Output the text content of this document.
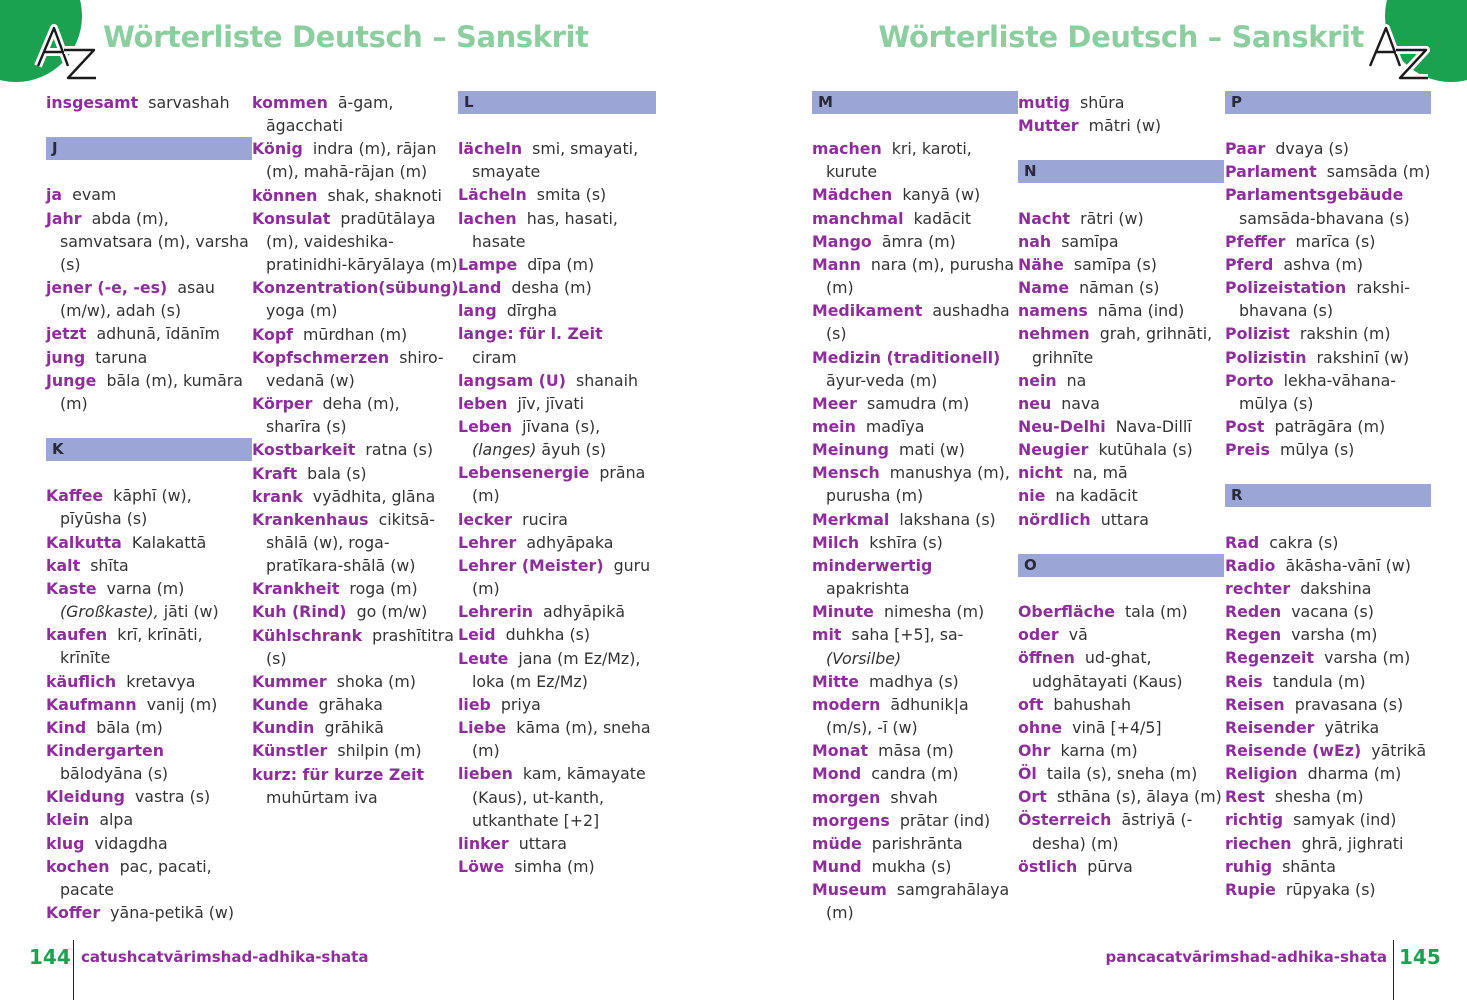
Wörterliste Deutsch – Sanskrit	Wörterliste Deutsch – Sanskrit
insgesamt sarvashah
J
ja evam
Jahr abda (m), samvatsara (m), varsha (s)
jener (-e, -es) asau (m/w), adah (s)
jetzt adhunā, īdānīm
jung taruna
Junge bāla (m), kumāra (m)
K
Kaffee kāphī (w), pīyūsha (s)
Kalkutta Kalakattā
kalt shīta
Kaste varna (m) (Großkaste), jāti (w)
kaufen krī, krīnāti, krīnīte
käuflich kretavya
Kaufmann vanij (m)
Kind bāla (m)
Kindergarten  bālodyāna (s)
Kleidung vastra (s)
klein alpa
klug vidagdha
kochen pac, pacati, pacate
Koffer yāna-petikā (w)
kommen ā-gam, āgacchati
König indra (m), rājan (m), mahā-rājan (m)
können shak, shaknoti
Konsulat pradūtālaya (m), vaideshika-pratinidhi-kāryālaya (m)
Konzentration(sübung)  yoga (m)
Kopf mūrdhan (m)
Kopfschmerzen shiro-vedanā (w)
Körper deha (m), sharīra (s)
Kostbarkeit ratna (s)
Kraft bala (s)
krank vyādhita, glāna
Krankenhaus cikitsā-shālā (w), roga-pratīkara-shālā (w)
Krankheit roga (m)
Kuh (Rind) go (m/w)
Kühlschrank prashītitra (s)
Kummer shoka (m)
Kunde grāhaka
Kundin grāhikā
Künstler shilpin (m)
kurz: für kurze Zeit  muhūrtam iva
L
lächeln smi, smayati, smayate
Lächeln smita (s)
lachen has, hasati, hasate
Lampe dīpa (m)
Land desha (m)
lang dīrgha
lange: für l. Zeit  ciram
langsam (U) shanaih
leben jīv, jīvati
Leben jīvana (s), (langes) āyuh (s)
Lebensenergie prāna (m)
lecker rucira
Lehrer adhyāpaka
Lehrer (Meister) guru (m)
Lehrerin adhyāpikā
Leid duhkha (s)
Leute jana (m Ez/Mz), loka (m Ez/Mz)
lieb priya
Liebe kāma (m), sneha (m)
lieben kam, kāmayate (Kaus), ut-kanth, utkanthate [+2]
linker uttara
Löwe simha (m)
M
machen kri, karoti, kurute
Mädchen kanyā (w)
manchmal kadācit
Mango āmra (m)
Mann nara (m), purusha (m)
Medikament aushadha (s)
Medizin (traditionell)  āyur-veda (m)
Meer samudra (m)
mein madīya
Meinung mati (w)
Mensch manushya (m), purusha (m)
Merkmal lakshana (s)
Milch kshīra (s)
minderwertig  apakrishta
Minute nimesha (m)
mit saha [+5], sa- (Vorsilbe)
Mitte madhya (s)
modern ādhunik|a (m/s), -ī (w)
Monat māsa (m)
Mond candra (m)
morgen shvah
morgens prātar (ind)
müde parishrānta
Mund mukha (s)
Museum samgrahālaya (m)
mutig shūra
Mutter mātri (w)
N
Nacht rātri (w)
nah samīpa
Nähe samīpa (s)
Name nāman (s)
namens nāma (ind)
nehmen grah, grihnāti, grihnīte
nein na
neu nava
Neu-Delhi Nava-Dillī
Neugier kutūhala (s)
nicht na, mā
nie na kadācit
nördlich uttara
O
Oberfläche tala (m)
oder vā
öffnen ud-ghat, udghātayati (Kaus)
oft bahushah
ohne vinā [+4/5]
Ohr karna (m)
Öl taila (s), sneha (m)
Ort sthāna (s), ālaya (m)
Österreich āstriyā (-desha) (m)
östlich pūrva
P
Paar dvaya (s)
Parlament samsāda (m)
Parlamentsgebäude  samsāda-bhavana (s)
Pfeffer marīca (s)
Pferd ashva (m)
Polizeistation rakshi-bhavana (s)
Polizist rakshin (m)
Polizistin rakshinī (w)
Porto lekha-vāhana-mūlya (s)
Post patrāgāra (m)
Preis mūlya (s)
R
Rad cakra (s)
Radio ākāsha-vānī (w)
rechter dakshina
Reden vacana (s)
Regen varsha (m)
Regenzeit varsha (m)
Reis tandula (m)
Reisen pravasana (s)
Reisender yātrika
Reisende (wEz) yātrikā
Religion dharma (m)
Rest shesha (m)
richtig samyak (ind)
riechen ghrā, jighrati
ruhig shānta
Rupie rūpyaka (s)
144 catushcatvārimshad-adhika-shata	pancacatvārimshad-adhika-shata 145
